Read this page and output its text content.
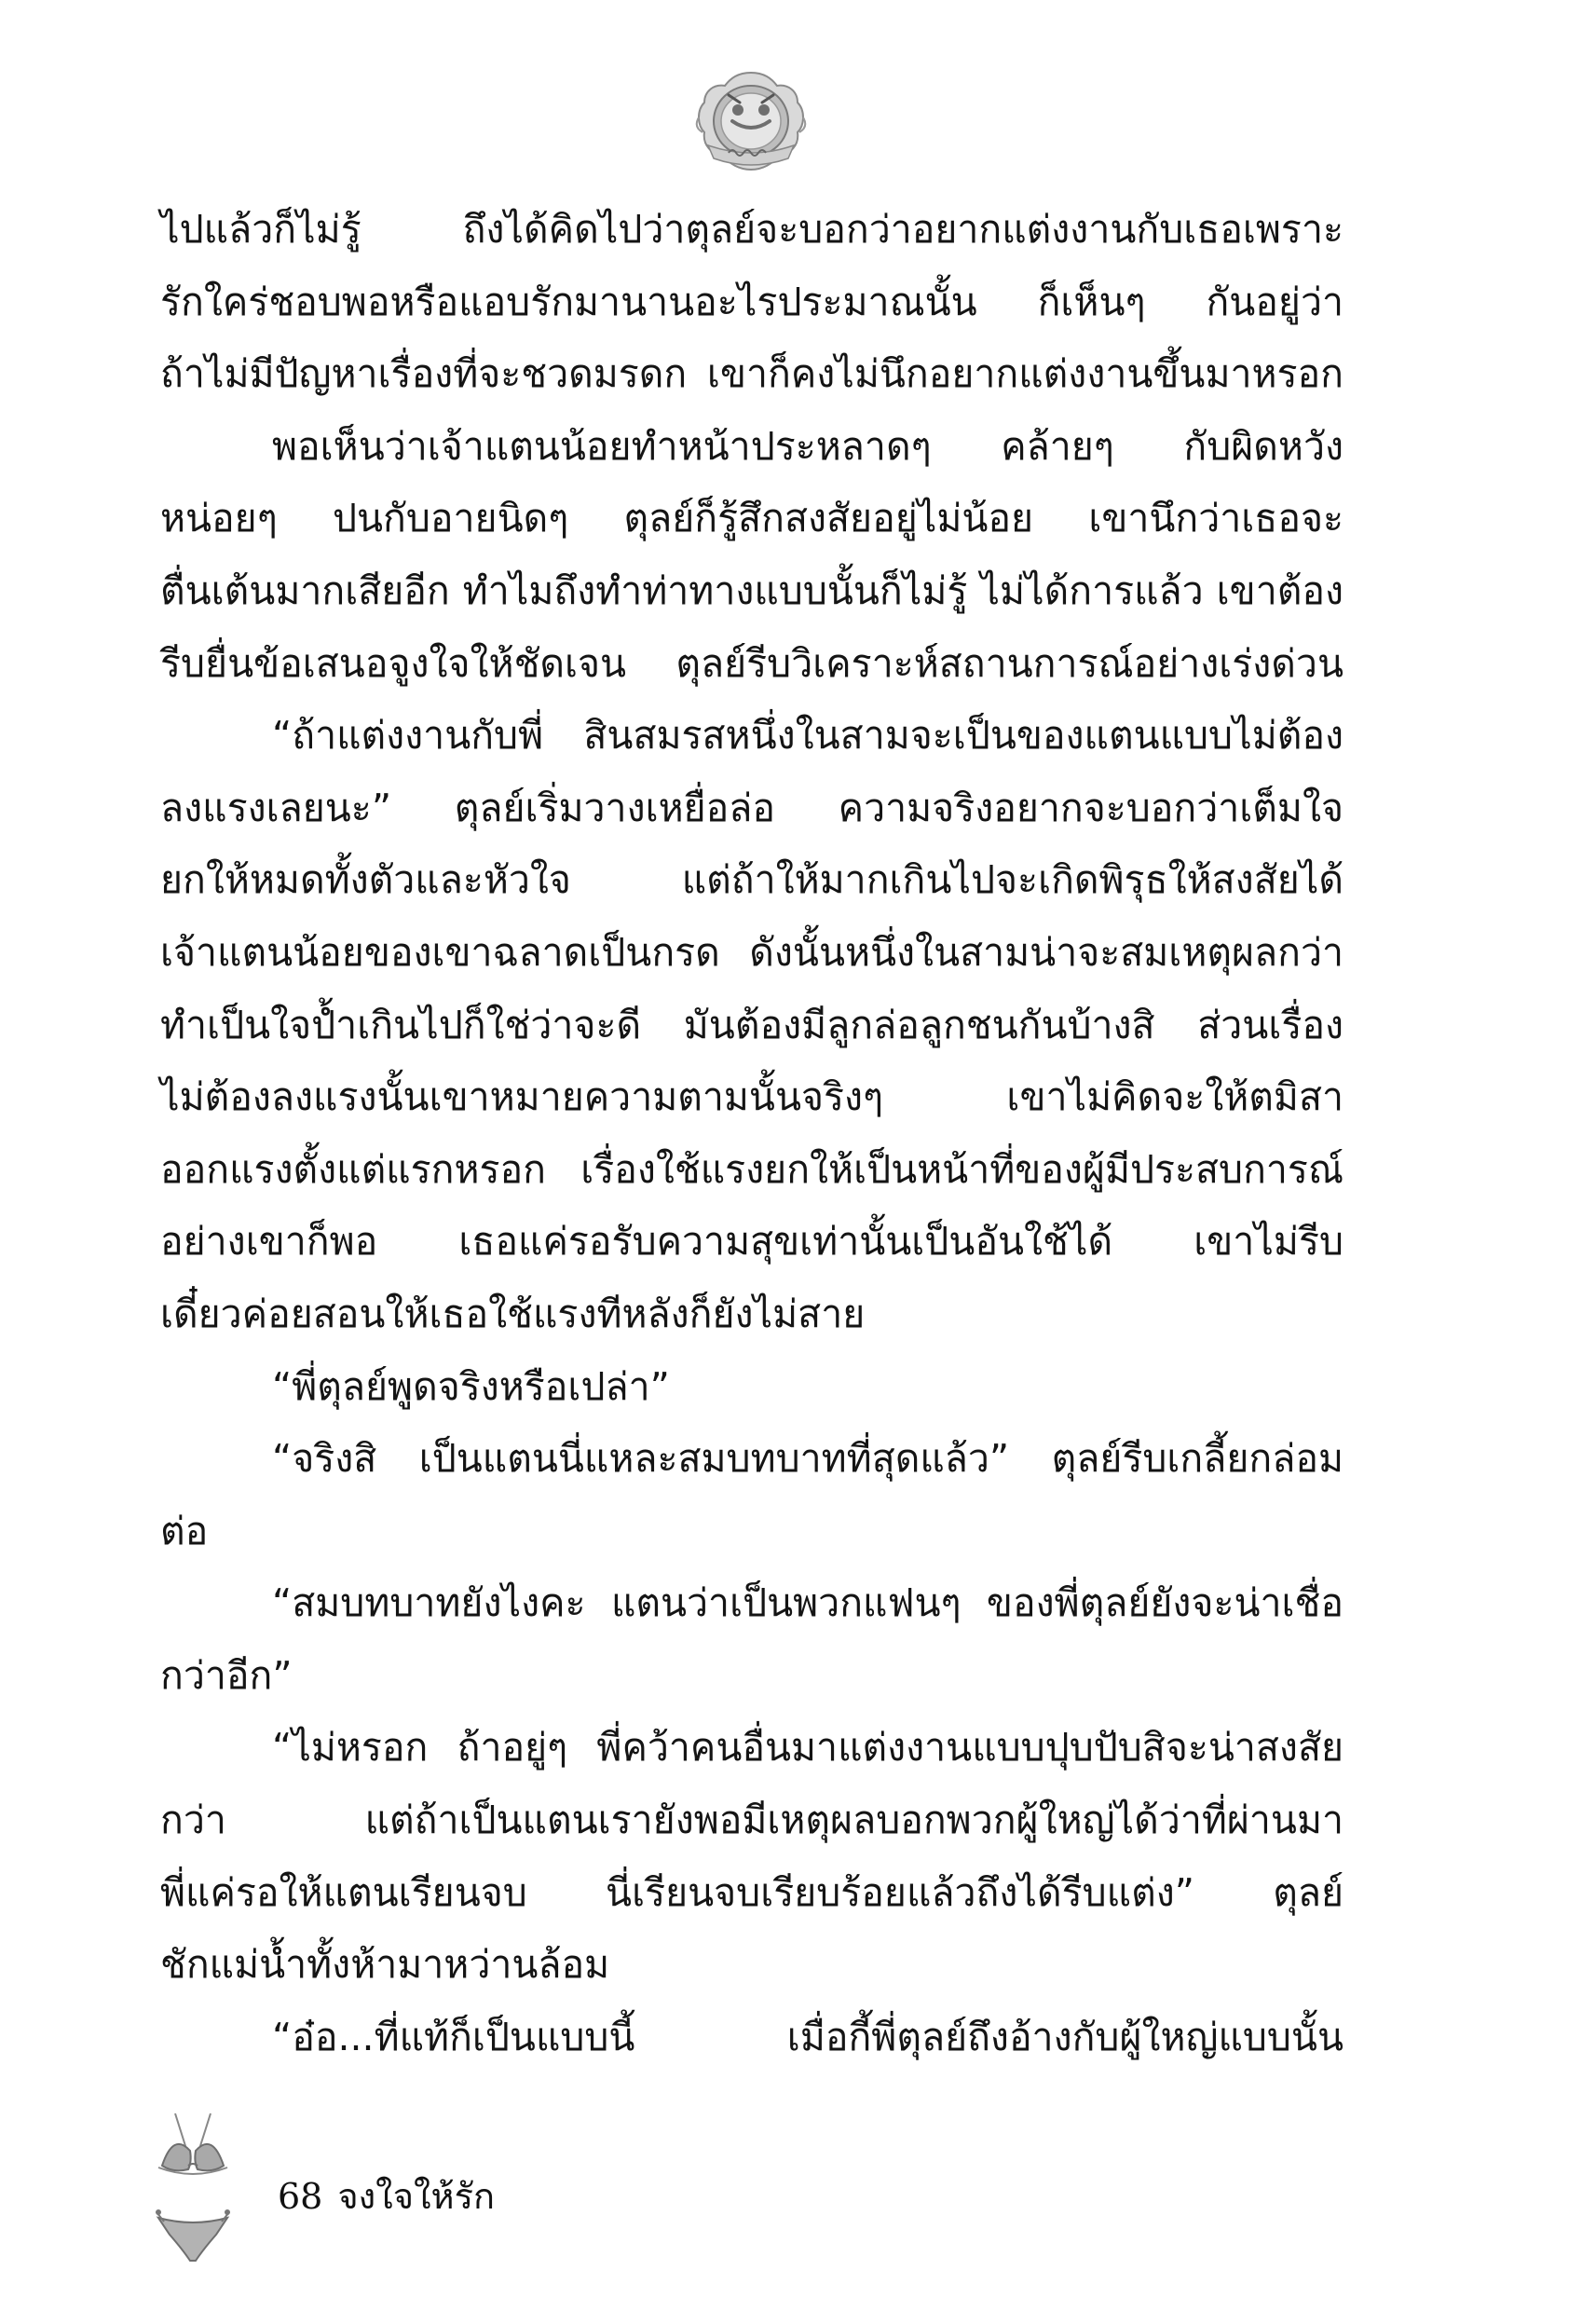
ไปแล้วก็ไม่รู้ ถึงได้คิดไปว่าตุลย์จะบอกว่าอยากแต่งงานกับเธอเพราะ
รักใคร่ชอบพอหรือแอบรักมานานอะไรประมาณนั้น ก็เห็นๆ กันอยู่ว่า
ถ้าไม่มีปัญหาเรื่องที่จะชวดมรดก เขาก็คงไม่นึกอยากแต่งงานขึ้นมาหรอก
พอเห็นว่าเจ้าแตนน้อยทำหน้าประหลาดๆ คล้ายๆ กับผิดหวัง
หน่อยๆ ปนกับอายนิดๆ ตุลย์ก็รู้สึกสงสัยอยู่ไม่น้อย เขานึกว่าเธอจะ
ตื่นเต้นมากเสียอีก ทำไมถึงทำท่าทางแบบนั้นก็ไม่รู้ ไม่ได้การแล้ว เขาต้อง
รีบยื่นข้อเสนอจูงใจให้ชัดเจน ตุลย์รีบวิเคราะห์สถานการณ์อย่างเร่งด่วน
“ถ้าแต่งงานกับพี่ สินสมรสหนึ่งในสามจะเป็นของแตนแบบไม่ต้อง
ลงแรงเลยนะ” ตุลย์เริ่มวางเหยื่อล่อ ความจริงอยากจะบอกว่าเต็มใจ
ยกให้หมดทั้งตัวและหัวใจ แต่ถ้าให้มากเกินไปจะเกิดพิรุธให้สงสัยได้
เจ้าแตนน้อยของเขาฉลาดเป็นกรด ดังนั้นหนึ่งในสามน่าจะสมเหตุผลกว่า
ทำเป็นใจป้ำเกินไปก็ใช่ว่าจะดี มันต้องมีลูกล่อลูกชนกันบ้างสิ ส่วนเรื่อง
ไม่ต้องลงแรงนั้นเขาหมายความตามนั้นจริงๆ เขาไม่คิดจะให้ตมิสา
ออกแรงตั้งแต่แรกหรอก เรื่องใช้แรงยกให้เป็นหน้าที่ของผู้มีประสบการณ์
อย่างเขาก็พอ เธอแค่รอรับความสุขเท่านั้นเป็นอันใช้ได้ เขาไม่รีบ
เดี๋ยวค่อยสอนให้เธอใช้แรงทีหลังก็ยังไม่สาย
“พี่ตุลย์พูดจริงหรือเปล่า”
“จริงสิ เป็นแตนนี่แหละสมบทบาทที่สุดแล้ว” ตุลย์รีบเกลี้ยกล่อม
ต่อ
“สมบทบาทยังไงคะ แตนว่าเป็นพวกแฟนๆ ของพี่ตุลย์ยังจะน่าเชื่อ
กว่าอีก”
“ไม่หรอก ถ้าอยู่ๆ พี่คว้าคนอื่นมาแต่งงานแบบปุบปับสิจะน่าสงสัย
กว่า แต่ถ้าเป็นแตนเรายังพอมีเหตุผลบอกพวกผู้ใหญ่ได้ว่าที่ผ่านมา
พี่แค่รอให้แตนเรียนจบ นี่เรียนจบเรียบร้อยแล้วถึงได้รีบแต่ง” ตุลย์
ชักแม่น้ำทั้งห้ามาหว่านล้อม
“อ๋อ...ที่แท้ก็เป็นแบบนี้ เมื่อกี้พี่ตุลย์ถึงอ้างกับผู้ใหญ่แบบนั้น
68 จงใจให้รัก
